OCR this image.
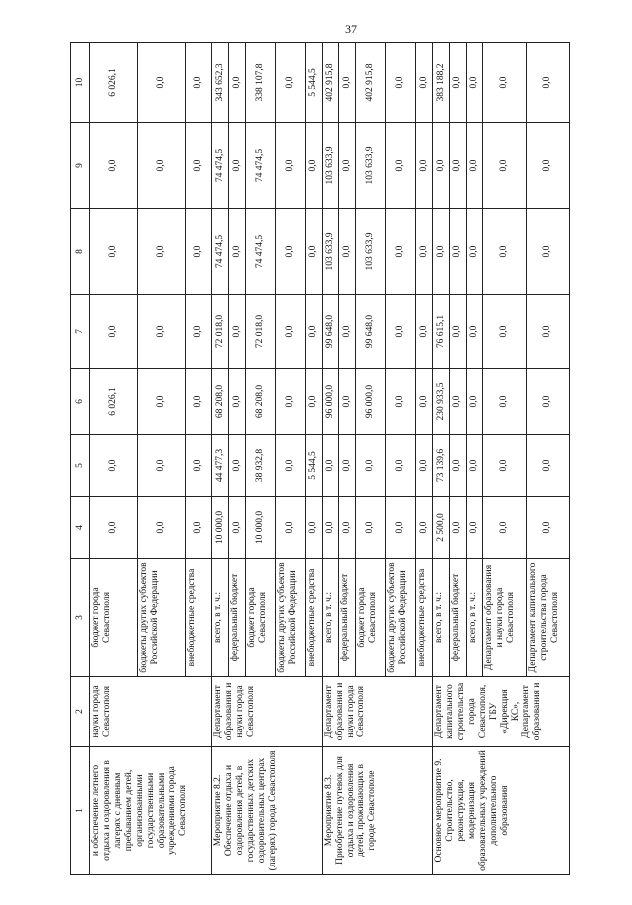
37
1	2	3	4	5	6	7	8	9	10
и обеспечение летнего отдыха и оздоровления в лагерях с дневным пребыванием детей, организованными государственными образовательными учреждениями города Севастополя	науки города Севастополя	бюджет города Севастополя	0,0	0,0	6 026,1	0,0	0,0	0,0	6 026,1
		бюджеты других субъектов Российской Федерации	0,0	0,0	0,0	0,0	0,0	0,0	0,0
		внебюджетные средства	0,0	0,0	0,0	0,0	0,0	0,0	0,0
Мероприятие 8.2. Обеспечение отдыха и оздоровления детей, в государственных детских оздоровительных центрах (лагерях) города Севастополя	Департамент образования и науки города Севастополя	всего, в т. ч.:	10 000,0	44 477,3	68 208,0	72 018,0	74 474,5	74 474,5	343 652,3
		федеральный бюджет	0,0	0,0	0,0	0,0	0,0	0,0	0,0
		бюджет города Севастополя	10 000,0	38 932,8	68 208,0	72 018,0	74 474,5	74 474,5	338 107,8
		бюджеты других субъектов Российской Федерации	0,0	0,0	0,0	0,0	0,0	0,0	0,0
		внебюджетные средства	0,0	5 544,5	0,0	0,0	0,0	0,0	5 544,5
Мероприятие 8.3. Приобретение путевок для отдыха и оздоровления детей, проживающих в городе Севастополе	Департамент образования и науки города Севастополя	всего, в т. ч.:	0,0	0,0	96 000,0	99 648,0	103 633,9	103 633,9	402 915,8
		федеральный бюджет	0,0	0,0	0,0	0,0	0,0	0,0	0,0
		бюджет города Севастополя	0,0	0,0	96 000,0	99 648,0	103 633,9	103 633,9	402 915,8
		бюджеты других субъектов Российской Федерации	0,0	0,0	0,0	0,0	0,0	0,0	0,0
		внебюджетные средства	0,0	0,0	0,0	0,0	0,0	0,0	0,0
Основное мероприятие 9. Строительство, реконструкция, модернизация образовательных учреждений дополнительного образования	Департамент капитального строительства города Севастополя, ГБУ «Дирекция КС», Департамент образования и	всего, в т. ч.:	2 500,0	73 139,6	230 933,5	76 615,1	0,0	0,0	383 188,2
		федеральный бюджет	0,0	0,0	0,0	0,0	0,0	0,0	0,0
		всего, в т. ч.:	0,0	0,0	0,0	0,0	0,0	0,0	0,0
		Департамент образования и науки города Севастополя	0,0	0,0	0,0	0,0	0,0	0,0	0,0
		Департамент капитального строительства города Севастополя	0,0	0,0	0,0	0,0	0,0	0,0	0,0
